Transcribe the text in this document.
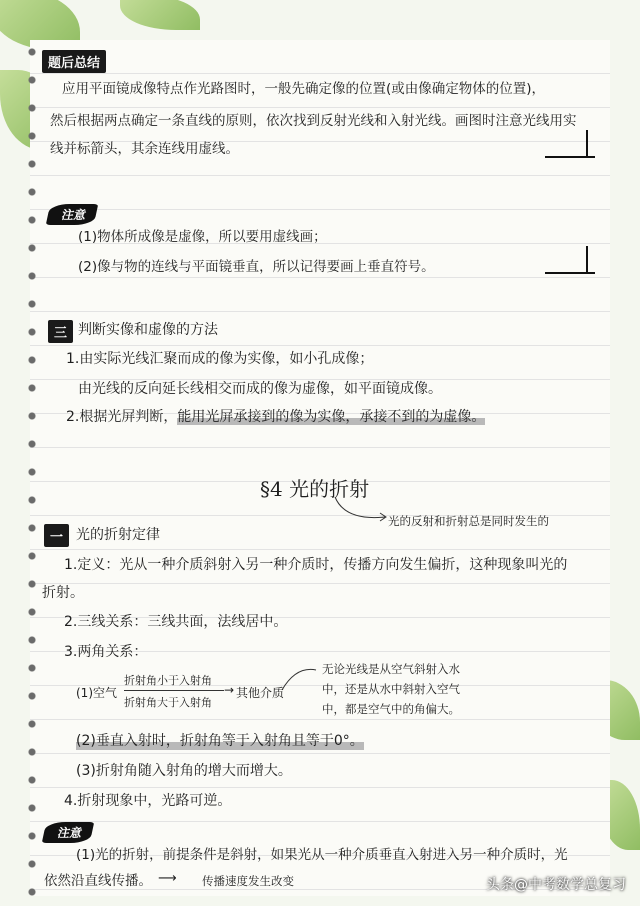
题后总结
应用平面镜成像特点作光路图时，一般先确定像的位置(或由像确定物体的位置)，
然后根据两点确定一条直线的原则，依次找到反射光线和入射光线。画图时注意光线用实
线并标箭头，其余连线用虚线。
注意
(1)物体所成像是虚像，所以要用虚线画；
(2)像与物的连线与平面镜垂直，所以记得要画上垂直符号。
三 判断实像和虚像的方法
1.由实际光线汇聚而成的像为实像，如小孔成像；
由光线的反向延长线相交而成的像为虚像，如平面镜成像。
2.根据光屏判断，能用光屏承接到的像为实像，承接不到的为虚像。
§4 光的折射
光的反射和折射总是同时发生的
一 光的折射定律
1.定义：光从一种介质斜射入另一种介质时，传播方向发生偏折，这种现象叫光的
折射。
2.三线关系：三线共面，法线居中。
3.两角关系：
(1)空气
折射角小于入射角
折射角大于入射角
→ 其他介质
无论光线是从空气斜射入水
中，还是从水中斜射入空气
中，都是空气中的角偏大。
(2)垂直入射时，折射角等于入射角且等于0°。
(3)折射角随入射角的增大而增大。
4.折射现象中，光路可逆。
注意
(1)光的折射，前提条件是斜射，如果光从一种介质垂直入射进入另一种介质时，光
依然沿直线传播。 ⟶ 传播速度发生改变	头条@中考数学总复习
